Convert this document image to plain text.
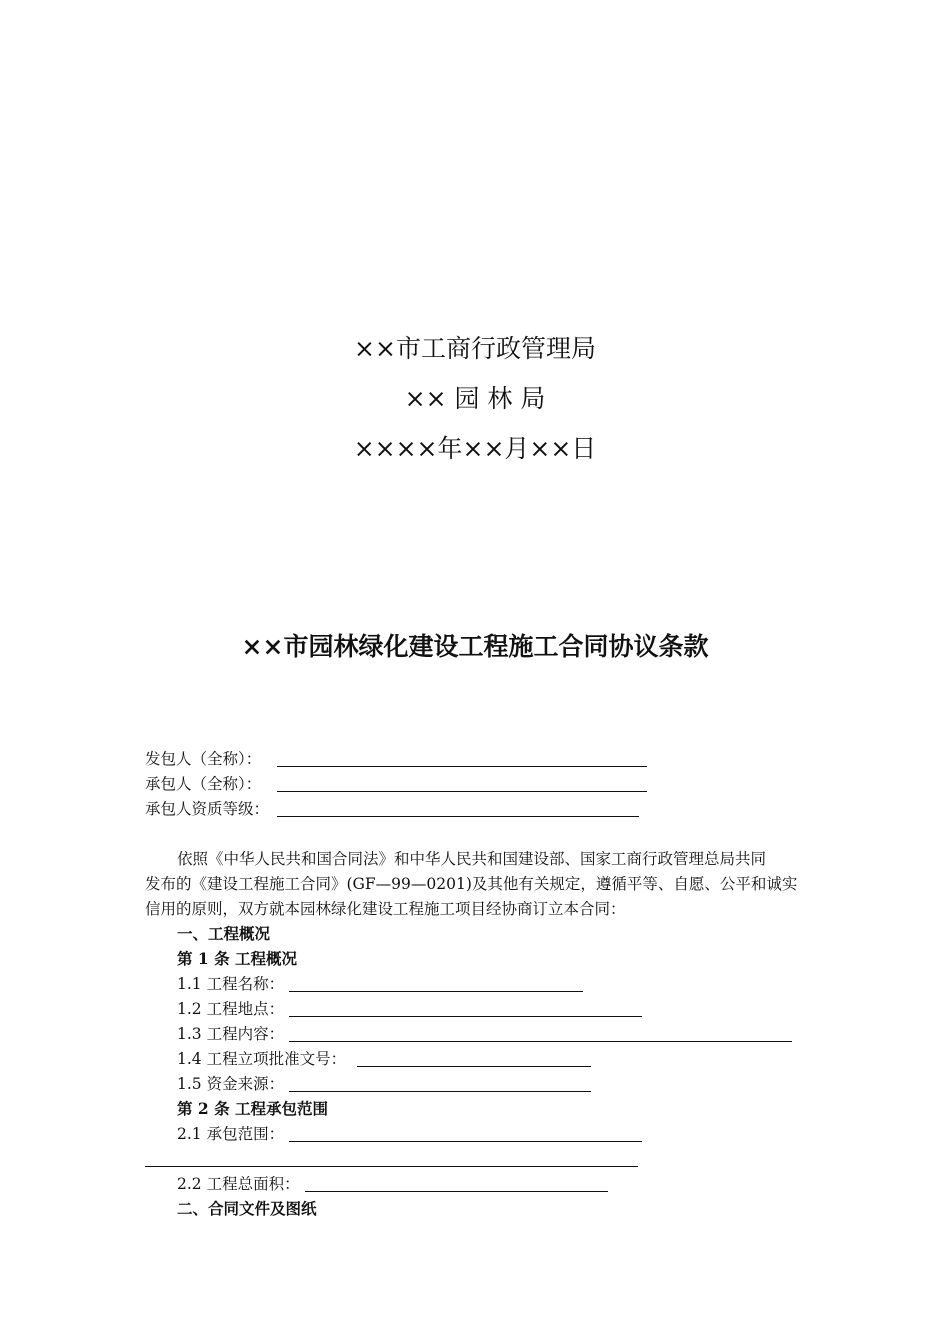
××市工商行政管理局
×× 园 林 局
××××年××月××日
××市园林绿化建设工程施工合同协议条款
发包人（全称）：
承包人（全称）：
承包人资质等级：
依照《中华人民共和国合同法》和中华人民共和国建设部、国家工商行政管理总局共同
发布的《建设工程施工合同》(GF—99—0201)及其他有关规定，遵循平等、自愿、公平和诚实
信用的原则，双方就本园林绿化建设工程施工项目经协商订立本合同：
一、工程概况
第 1 条 工程概况
1.1 工程名称：
1.2 工程地点：
1.3 工程内容：
1.4 工程立项批准文号：
1.5 资金来源：
第 2 条 工程承包范围
2.1 承包范围：
2.2 工程总面积：
二、合同文件及图纸
